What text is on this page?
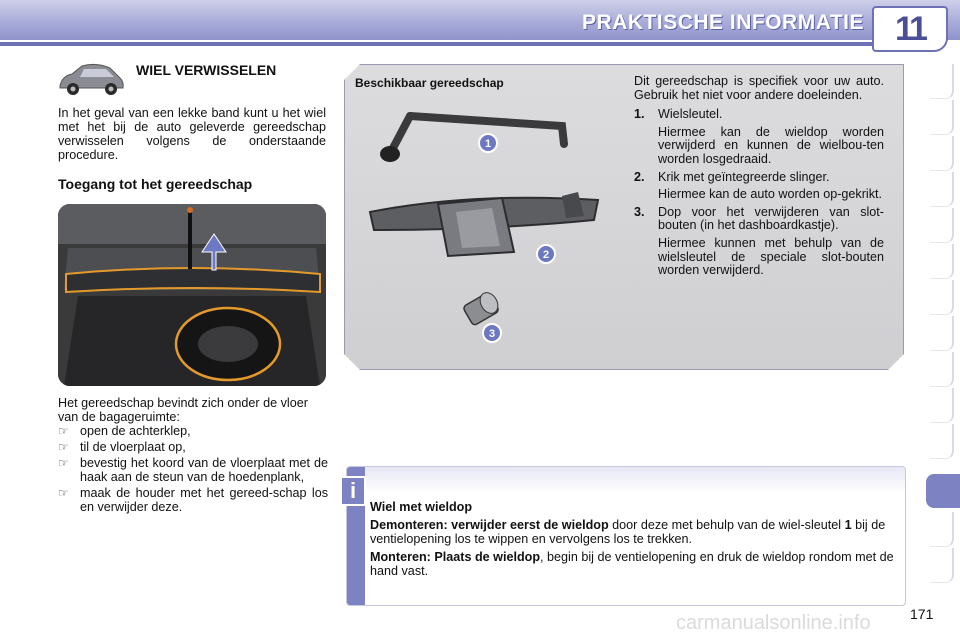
PRAKTISCHE INFORMATIE 11
WIEL VERWISSELEN

In het geval van een lekke band kunt u het wiel met het bij de auto geleverde gereedschap verwisselen volgens de onderstaande procedure.

Toegang tot het gereedschap

Het gereedschap bevindt zich onder de vloer van de bagageruimte:

☞ open de achterklep,
☞ til de vloerplaat op,
☞ bevestig het koord van de vloerplaat met de haak aan de steun van de hoedenplank,
☞ maak de houder met het gereed-schap los en verwijder deze.
Beschikbaar gereedschap
1
2
3

Dit gereedschap is specifiek voor uw auto. Gebruik het niet voor andere doeleinden.

1. Wielsleutel.
Hiermee kan de wieldop worden verwijderd en kunnen de wielbou-ten worden losgedraaid.
2. Krik met geïntegreerde slinger.
Hiermee kan de auto worden op-gekrikt.
3. Dop voor het verwijderen van slot-bouten (in het dashboardkastje).
Hiermee kunnen met behulp van de wielsleutel de speciale slot-bouten worden verwijderd.
i

Wiel met wieldop

Demonteren: verwijder eerst de wieldop door deze met behulp van de wiel-sleutel 1 bij de ventielopening los te wippen en vervolgens los te trekken.

Monteren: Plaats de wieldop, begin bij de ventielopening en druk de wieldop rondom met de hand vast.

carmanualsonline.info	171
